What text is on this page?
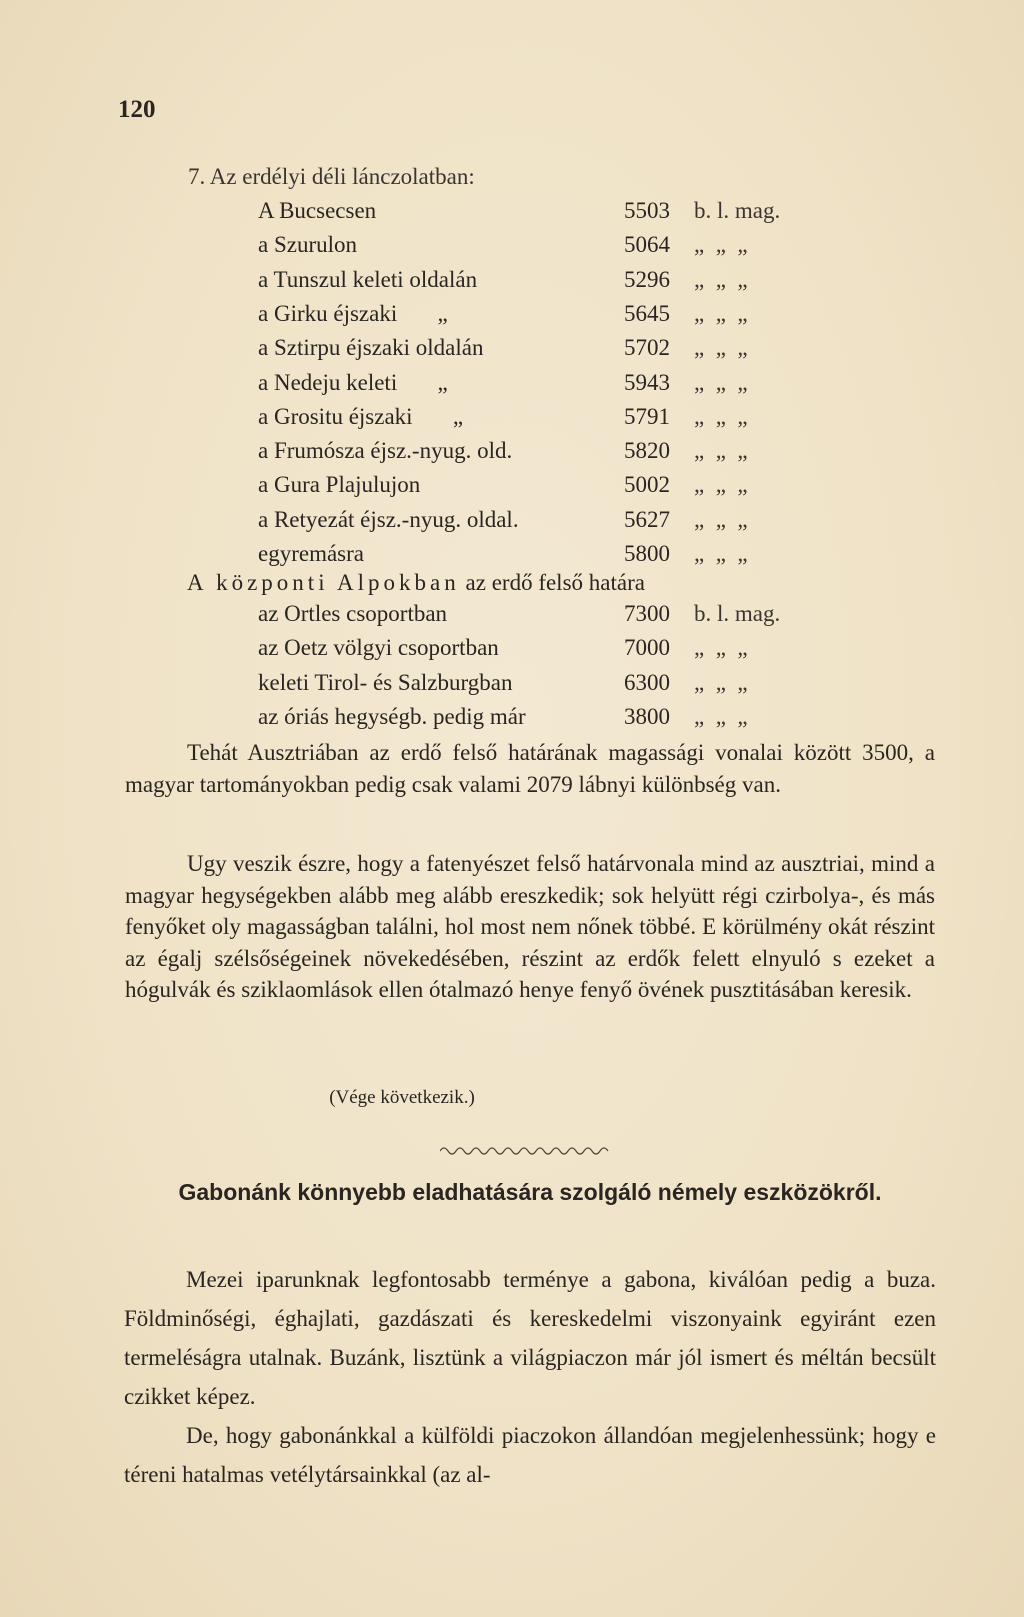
120
7. Az erdélyi déli lánczolatban:
A Bucsecsen	5503 b. l. mag.
a Szurulon	5064 „  „  „
a Tunszul keleti oldalán	5296 „  „  „
a Girku éjszaki       „	5645 „  „  „
a Sztirpu éjszaki oldalán	5702 „  „  „
a Nedeju keleti       „	5943 „  „  „
a Grositu éjszaki       „	5791 „  „  „
a Frumósza éjsz.-nyug. old.	5820 „  „  „
a Gura Plajulujon	5002 „  „  „
a Retyezát éjsz.-nyug. oldal.	5627 „  „  „
egyremásra	5800 „  „  „
A központi Alpokban az erdő felső határa
az Ortles csoportban	7300 b. l. mag.
az Oetz völgyi csoportban	7000 „  „  „
keleti Tirol- és Salzburgban	6300 „  „  „
az óriás hegységb. pedig már	3800 „  „  „
Tehát Ausztriában az erdő felső határának magassági vonalai között 3500, a magyar tartományokban pedig csak valami 2079 lábnyi különbség van.
Ugy veszik észre, hogy a fatenyészet felső határvonala mind az ausztriai, mind a magyar hegységekben alább meg alább ereszkedik; sok helyütt régi czirbolya-, és más fenyőket oly magasságban találni, hol most nem nőnek többé. E körülmény okát részint az égalj szélsőségeinek növekedésében, részint az erdők felett elnyuló s ezeket a hógulvák és sziklaomlások ellen ótalmazó henye fenyő övének pusztitásában keresik.
(Vége következik.)
Gabonánk könnyebb eladhatására szolgáló némely eszközökről.
Mezei iparunknak legfontosabb terménye a gabona, kiválóan pedig a buza. Földminőségi, éghajlati, gazdászati és kereskedelmi viszonyaink egyiránt ezen termeléságra utalnak. Buzánk, lisztünk a világpiaczon már jól ismert és méltán becsült czikket képez.
De, hogy gabonánkkal a külföldi piaczokon állandóan megjelenhessünk; hogy e téreni hatalmas vetélytársainkkal (az al-
